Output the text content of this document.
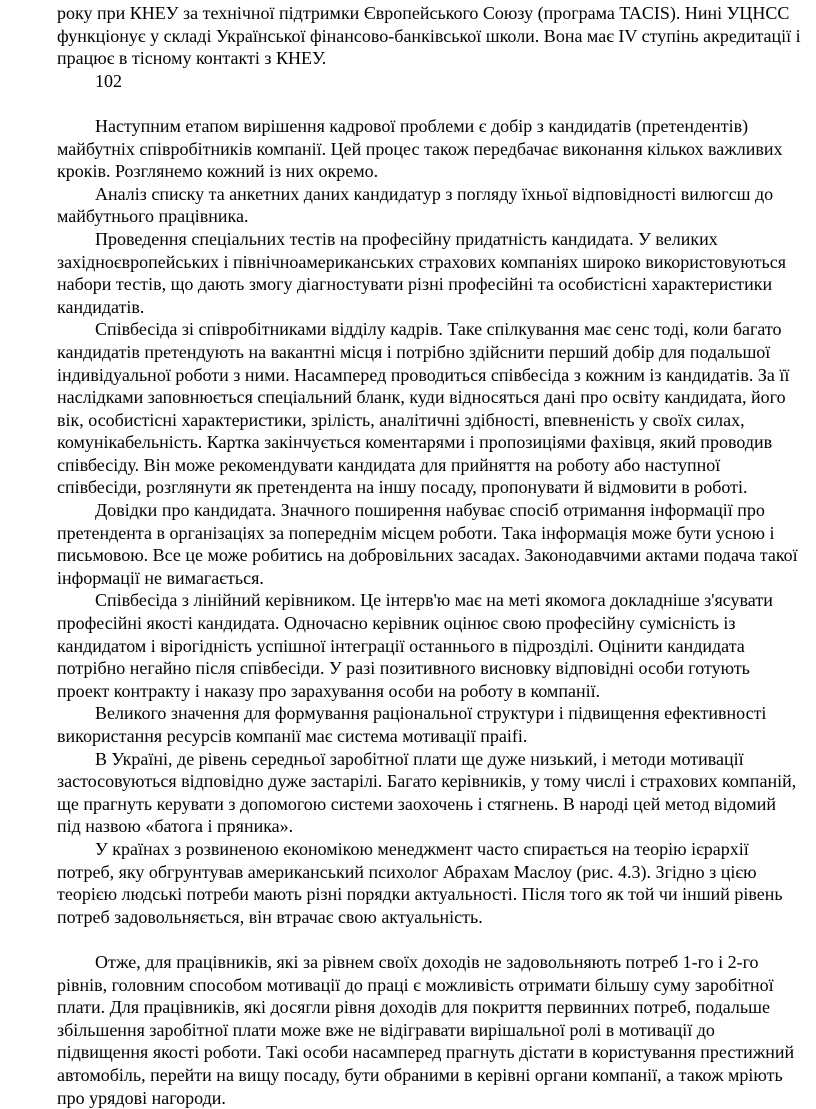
року при КНЕУ за технічної підтримки Європейського Союзу (програма TACIS). Нині УЦНСС функціонує у складі Української фінансово-банківської школи. Вона має IV ступінь акредитації і працює в тісному контакті з КНЕУ.

102

Наступним етапом вирішення кадрової проблеми є добір з кандидатів (претендентів) майбутніх співробітників компанії. Цей процес також передбачає виконання кількох важливих кроків. Розглянемо кожний із них окремо.

Аналіз списку та анкетних даних кандидатур з погляду їхньої відповідності вилюгсш до майбутнього працівника.

Проведення спеціальних тестів на професійну придатність кандидата. У великих західноєвропейських і північноамериканських страхових компаніях широко використовуються набори тестів, що дають змогу діагностувати різні професійні та особистісні характеристики кандидатів.

Співбесіда зі співробітниками відділу кадрів. Таке спілкування має сенс тоді, коли багато кандидатів претендують на вакантні місця і потрібно здійснити перший добір для подальшої індивідуальної роботи з ними. Насамперед проводиться співбесіда з кожним із кандидатів. За її наслідками заповнюється спеціальний бланк, куди відносяться дані про освіту кандидата, його вік, особистісні характеристики, зрілість, аналітичні здібності, впевненість у своїх силах, комунікабельність. Картка закінчується коментарями і пропозиціями фахівця, який проводив співбесіду. Він може рекомендувати кандидата для прийняття на роботу або наступної співбесіди, розглянути як претендента на іншу посаду, пропонувати й відмовити в роботі.

Довідки про кандидата. Значного поширення набуває спосіб отримання інформації про претендента в організаціях за попереднім місцем роботи. Така інформація може бути усною і письмовою. Все це може робитись на добровільних засадах. Законодавчими актами подача такої інформації не вимагається.

Співбесіда з лінійний керівником. Це інтерв'ю має на меті якомога докладніше з'ясувати професійні якості кандидата. Одночасно керівник оцінює свою професійну сумісність із кандидатом і вірогідність успішної інтеграції останнього в підрозділі. Оцінити кандидата потрібно негайно після співбесіди. У разі позитивного висновку відповідні особи готують проект контракту і наказу про зарахування особи на роботу в компанії.

Великого значення для формування раціональної структури і підвищення ефективності використання ресурсів компанії має система мотивації праіfі.

В Україні, де рівень середньої заробітної плати ще дуже низький, і методи мотивації застосовуються відповідно дуже застарілі. Багато керівників, у тому числі і страхових компаній, ще прагнуть керувати з допомогою системи заохочень і стягнень. В народі цей метод відомий під назвою «батога і пряника».

У країнах з розвиненою економікою менеджмент часто спирається на теорію ієрархії потреб, яку обгрунтував американський психолог Абрахам Маслоу (рис. 4.3). Згідно з цією теорією людські потреби мають різні порядки актуальності. Після того як той чи інший рівень потреб задовольняється, він втрачає свою актуальність.

Отже, для працівників, які за рівнем своїх доходів не задовольняють потреб 1-го і 2-го рівнів, головним способом мотивації до праці є можливість отримати більшу суму заробітної плати. Для працівників, які досягли рівня доходів для покриття первинних потреб, подальше збільшення заробітної плати може вже не відігравати вирішальної ролі в мотивації до підвищення якості роботи. Такі особи насамперед прагнуть дістати в користування престижний автомобіль, перейти на вищу посаду, бути обраними в керівні органи компанії, а також мріють про урядові нагороди.
